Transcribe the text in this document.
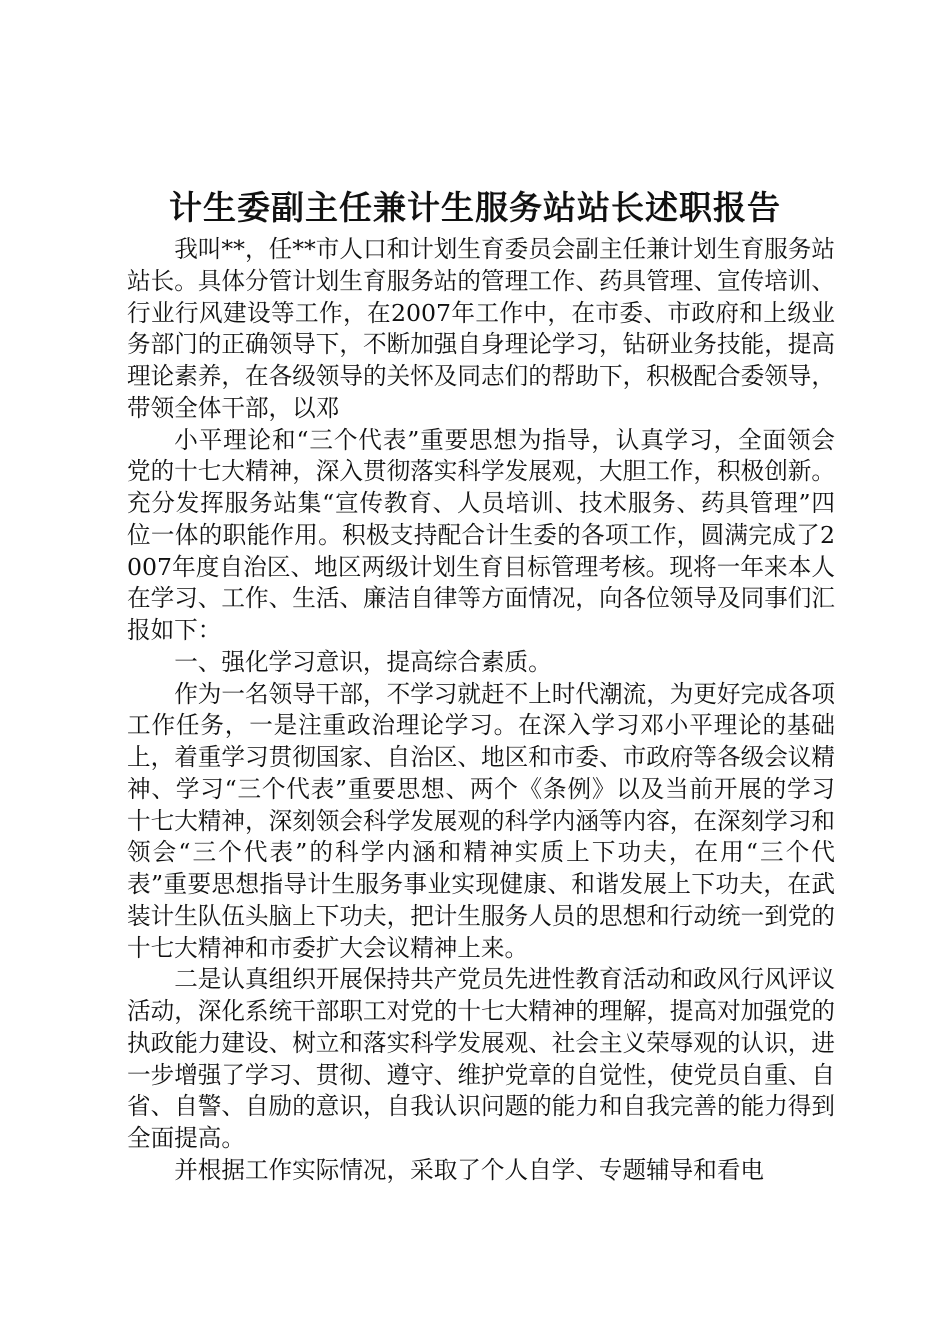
计生委副主任兼计生服务站站长述职报告

我叫**，任**市人口和计划生育委员会副主任兼计划生育服务站站长。具体分管计划生育服务站的管理工作、药具管理、宣传培训、行业行风建设等工作，在2007年工作中，在市委、市政府和上级业务部门的正确领导下，不断加强自身理论学习，钻研业务技能，提高理论素养，在各级领导的关怀及同志们的帮助下，积极配合委领导，带领全体干部，以邓

小平理论和“三个代表”重要思想为指导，认真学习，全面领会党的十七大精神，深入贯彻落实科学发展观，大胆工作，积极创新。充分发挥服务站集“宣传教育、人员培训、技术服务、药具管理”四位一体的职能作用。积极支持配合计生委的各项工作，圆满完成了2007年度自治区、地区两级计划生育目标管理考核。现将一年来本人在学习、工作、生活、廉洁自律等方面情况，向各位领导及同事们汇报如下：

一、强化学习意识，提高综合素质。

作为一名领导干部，不学习就赶不上时代潮流，为更好完成各项工作任务，一是注重政治理论学习。在深入学习邓小平理论的基础上，着重学习贯彻国家、自治区、地区和市委、市政府等各级会议精神、学习“三个代表”重要思想、两个《条例》以及当前开展的学习十七大精神，深刻领会科学发展观的科学内涵等内容，在深刻学习和领会“三个代表”的科学内涵和精神实质上下功夫，在用“三个代表”重要思想指导计生服务事业实现健康、和谐发展上下功夫，在武装计生队伍头脑上下功夫，把计生服务人员的思想和行动统一到党的十七大精神和市委扩大会议精神上来。

二是认真组织开展保持共产党员先进性教育活动和政风行风评议活动，深化系统干部职工对党的十七大精神的理解，提高对加强党的执政能力建设、树立和落实科学发展观、社会主义荣辱观的认识，进一步增强了学习、贯彻、遵守、维护党章的自觉性，使党员自重、自省、自警、自励的意识，自我认识问题的能力和自我完善的能力得到全面提高。

并根据工作实际情况，采取了个人自学、专题辅导和看电
